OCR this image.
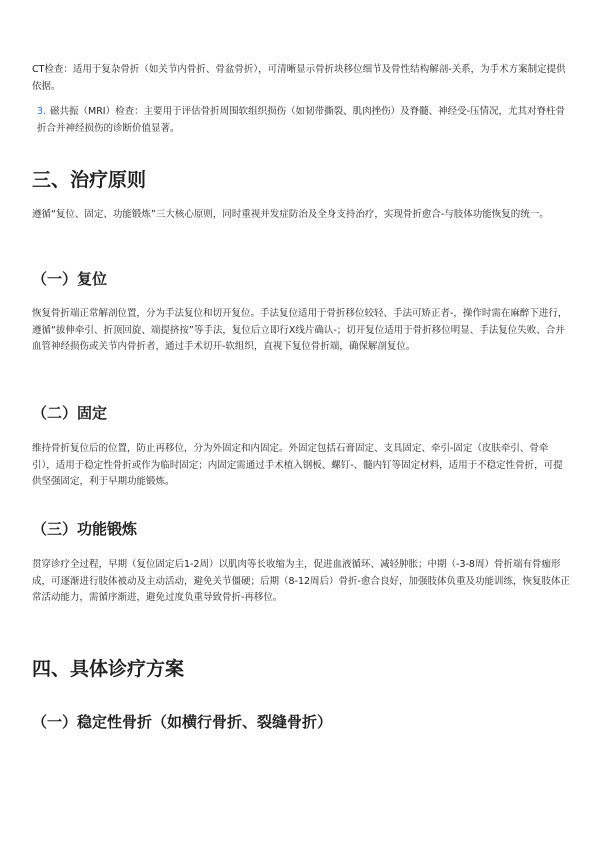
CT检查：适用于复杂骨折（如关节内骨折、骨盆骨折），可清晰显示骨折块移位细节及骨性结构解剖-关系，为手术方案制定提供依据。

3. 磁共振（MRI）检查：主要用于评估骨折周围软组织损伤（如韧带撕裂、肌肉挫伤）及脊髓、神经受-压情况，尤其对脊柱骨折合并神经损伤的诊断价值显著。
三、治疗原则

遵循“复位、固定、功能锻炼”三大核心原则，同时重视并发症防治及全身支持治疗，实现骨折愈合-与肢体功能恢复的统一。

（一）复位

恢复骨折端正常解剖位置，分为手法复位和切开复位。手法复位适用于骨折移位较轻、手法可矫正者-，操作时需在麻醉下进行，遵循“拔伸牵引、折顶回旋、端提挤按”等手法，复位后立即行X线片确认-；切开复位适用于骨折移位明显、手法复位失败、合并血管神经损伤或关节内骨折者，通过手术切开-软组织，直视下复位骨折端，确保解剖复位。

（二）固定

维持骨折复位后的位置，防止再移位，分为外固定和内固定。外固定包括石膏固定、支具固定、牵引-固定（皮肤牵引、骨牵引），适用于稳定性骨折或作为临时固定；内固定需通过手术植入钢板、螺钉-、髓内钉等固定材料，适用于不稳定性骨折，可提供坚强固定，利于早期功能锻炼。

（三）功能锻炼

贯穿诊疗全过程，早期（复位固定后1-2周）以肌肉等长收缩为主，促进血液循环、减轻肿胀；中期（-3-8周）骨折端有骨痂形成，可逐渐进行肢体被动及主动活动，避免关节僵硬；后期（8-12周后）骨折-愈合良好，加强肢体负重及功能训练，恢复肢体正常活动能力，需循序渐进，避免过度负重导致骨折-再移位。

四、具体诊疗方案
（一）稳定性骨折（如横行骨折、裂缝骨折）
